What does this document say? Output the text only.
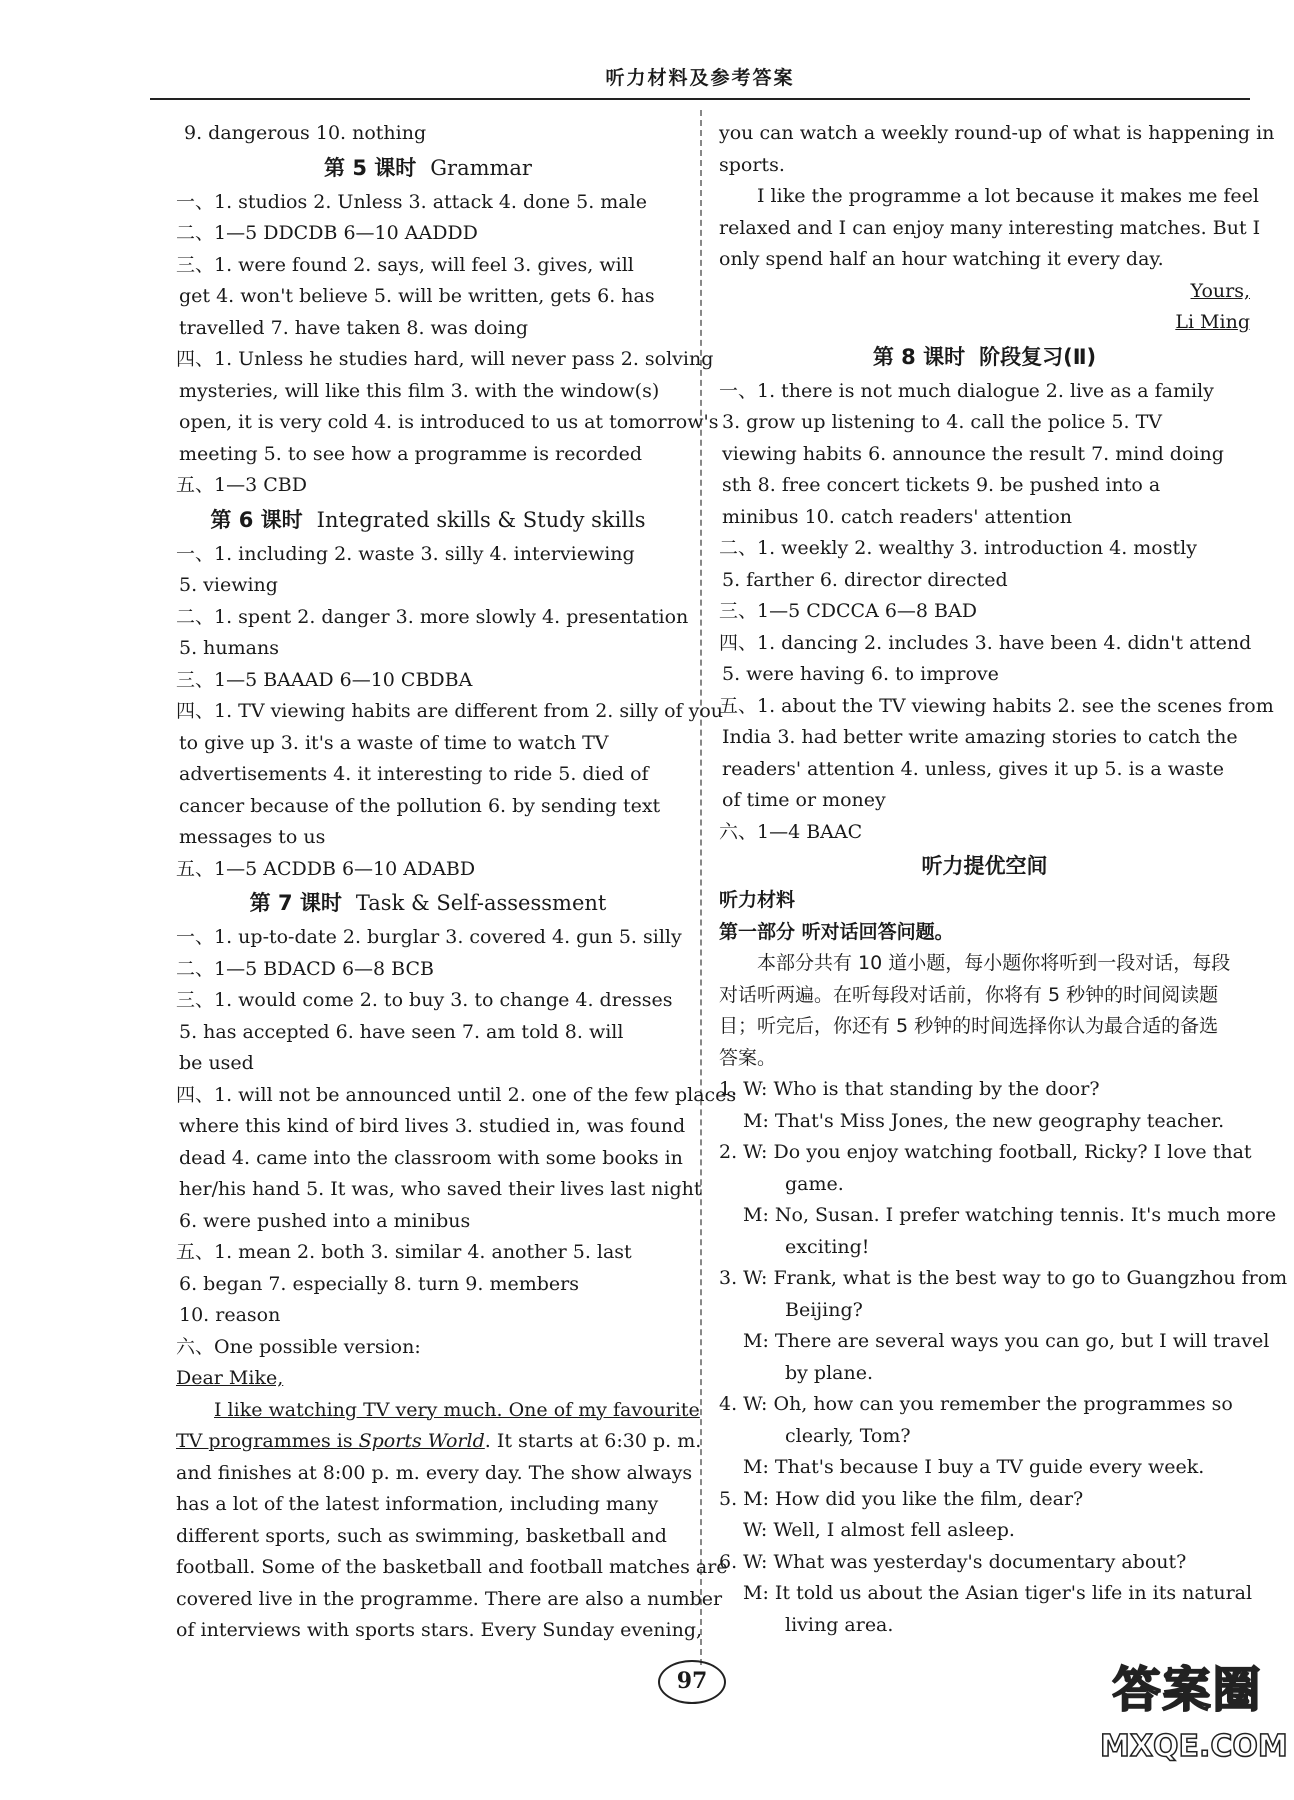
听力材料及参考答案
9. dangerous 10. nothing
第 5 课时 Grammar
一、1. studios 2. Unless 3. attack 4. done 5. male
二、1—5 DDCDB 6—10 AADDD
三、1. were found 2. says, will feel 3. gives, will
get 4. won't believe 5. will be written, gets 6. has
travelled 7. have taken 8. was doing
四、1. Unless he studies hard, will never pass 2. solving
mysteries, will like this film 3. with the window(s)
open, it is very cold 4. is introduced to us at tomorrow's
meeting 5. to see how a programme is recorded
五、1—3 CBD
第 6 课时 Integrated skills & Study skills
一、1. including 2. waste 3. silly 4. interviewing
5. viewing
二、1. spent 2. danger 3. more slowly 4. presentation
5. humans
三、1—5 BAAAD 6—10 CBDBA
四、1. TV viewing habits are different from 2. silly of you
to give up 3. it's a waste of time to watch TV
advertisements 4. it interesting to ride 5. died of
cancer because of the pollution 6. by sending text
messages to us
五、1—5 ACDDB 6—10 ADABD
第 7 课时 Task & Self-assessment
一、1. up-to-date 2. burglar 3. covered 4. gun 5. silly
二、1—5 BDACD 6—8 BCB
三、1. would come 2. to buy 3. to change 4. dresses
5. has accepted 6. have seen 7. am told 8. will
be used
四、1. will not be announced until 2. one of the few places
where this kind of bird lives 3. studied in, was found
dead 4. came into the classroom with some books in
her/his hand 5. It was, who saved their lives last night
6. were pushed into a minibus
五、1. mean 2. both 3. similar 4. another 5. last
6. began 7. especially 8. turn 9. members
10. reason
六、One possible version:
Dear Mike,
I like watching TV very much. One of my favourite
TV programmes is Sports World. It starts at 6:30 p. m.
and finishes at 8:00 p. m. every day. The show always
has a lot of the latest information, including many
different sports, such as swimming, basketball and
football. Some of the basketball and football matches are
covered live in the programme. There are also a number
of interviews with sports stars. Every Sunday evening,
you can watch a weekly round-up of what is happening in
sports.
I like the programme a lot because it makes me feel
relaxed and I can enjoy many interesting matches. But I
only spend half an hour watching it every day.
Yours,
Li Ming
第 8 课时 阶段复习(Ⅱ)
一、1. there is not much dialogue 2. live as a family
3. grow up listening to 4. call the police 5. TV
viewing habits 6. announce the result 7. mind doing
sth 8. free concert tickets 9. be pushed into a
minibus 10. catch readers' attention
二、1. weekly 2. wealthy 3. introduction 4. mostly
5. farther 6. director directed
三、1—5 CDCCA 6—8 BAD
四、1. dancing 2. includes 3. have been 4. didn't attend
5. were having 6. to improve
五、1. about the TV viewing habits 2. see the scenes from
India 3. had better write amazing stories to catch the
readers' attention 4. unless, gives it up 5. is a waste
of time or money
六、1—4 BAAC
听力提优空间
听力材料
第一部分 听对话回答问题。
本部分共有 10 道小题，每小题你将听到一段对话，每段
对话听两遍。在听每段对话前，你将有 5 秒钟的时间阅读题
目；听完后，你还有 5 秒钟的时间选择你认为最合适的备选
答案。
1. W: Who is that standing by the door?
M: That's Miss Jones, the new geography teacher.
2. W: Do you enjoy watching football, Ricky? I love that
game.
M: No, Susan. I prefer watching tennis. It's much more
exciting!
3. W: Frank, what is the best way to go to Guangzhou from
Beijing?
M: There are several ways you can go, but I will travel
by plane.
4. W: Oh, how can you remember the programmes so
clearly, Tom?
M: That's because I buy a TV guide every week.
5. M: How did you like the film, dear?
W: Well, I almost fell asleep.
6. W: What was yesterday's documentary about?
M: It told us about the Asian tiger's life in its natural
living area.
97	答案圈
MXQE.COM
